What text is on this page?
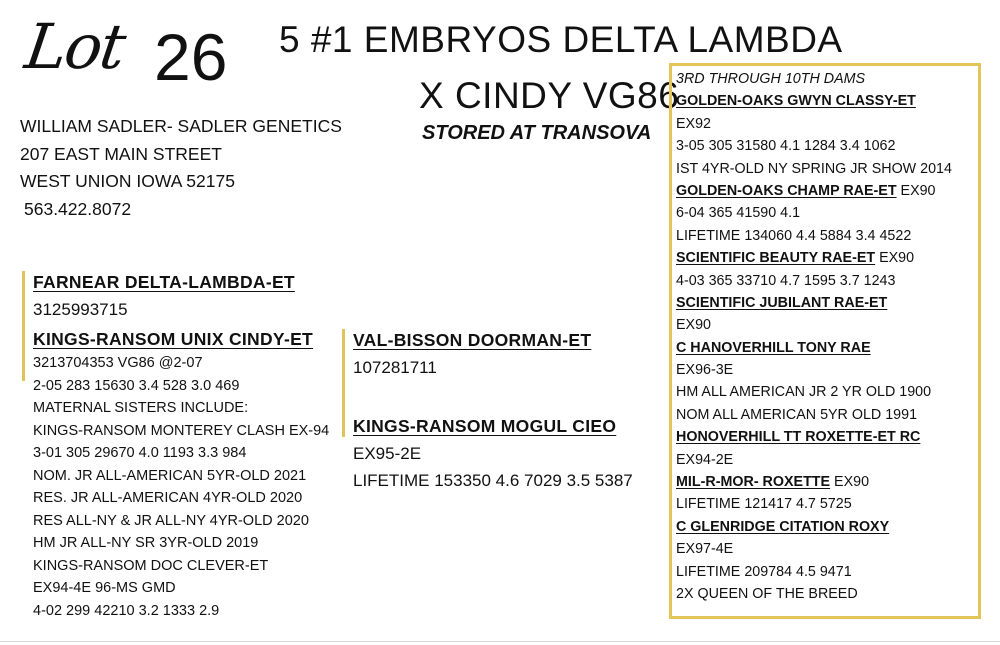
Lot 26 5 #1 EMBRYOS DELTA LAMBDA
X CINDY VG86
STORED AT TRANSOVA
WILLIAM SADLER- SADLER GENETICS
207 EAST MAIN STREET
WEST UNION IOWA 52175
563.422.8072
FARNEAR DELTA-LAMBDA-ET
3125993715
KINGS-RANSOM UNIX CINDY-ET
3213704353 VG86 @2-07
2-05 283 15630 3.4 528 3.0 469
MATERNAL SISTERS INCLUDE:
KINGS-RANSOM MONTEREY CLASH EX-94
3-01 305 29670 4.0 1193 3.3 984
NOM. JR ALL-AMERICAN 5YR-OLD 2021
RES. JR ALL-AMERICAN 4YR-OLD 2020
RES ALL-NY & JR ALL-NY 4YR-OLD 2020
HM JR ALL-NY SR 3YR-OLD 2019
KINGS-RANSOM DOC CLEVER-ET
EX94-4E 96-MS GMD
4-02 299 42210 3.2 1333 2.9
VAL-BISSON DOORMAN-ET
107281711
KINGS-RANSOM MOGUL CIEO
EX95-2E
LIFETIME 153350 4.6 7029 3.5 5387
3RD THROUGH 10TH DAMS
GOLDEN-OAKS GWYN CLASSY-ET
EX92
3-05 305 31580 4.1 1284 3.4 1062
IST 4YR-OLD NY SPRING JR SHOW 2014
GOLDEN-OAKS CHAMP RAE-ET EX90
6-04 365 41590 4.1
LIFETIME 134060 4.4 5884 3.4 4522
SCIENTIFIC BEAUTY RAE-ET EX90
4-03 365 33710 4.7 1595 3.7 1243
SCIENTIFIC JUBILANT RAE-ET
EX90
C HANOVERHILL TONY RAE
EX96-3E
HM ALL AMERICAN JR 2 YR OLD 1900
NOM ALL AMERICAN 5YR OLD 1991
HONOVERHILL TT ROXETTE-ET RC
EX94-2E
MIL-R-MOR- ROXETTE EX90
LIFETIME 121417 4.7 5725
C GLENRIDGE CITATION ROXY
EX97-4E
LIFETIME 209784 4.5 9471
2X QUEEN OF THE BREED
